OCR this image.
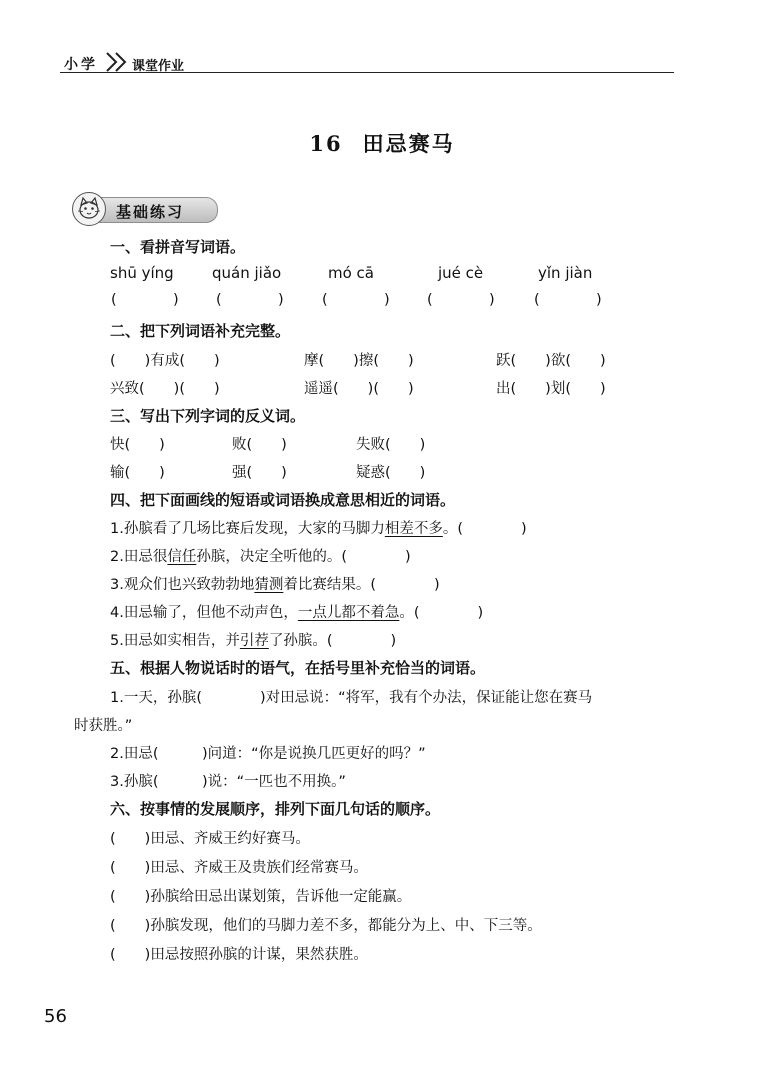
小学	课堂作业
16 田忌赛马
基础练习
一、看拼音写词语。
shū yíng	quán jiǎo	mó cā	jué cè	yǐn jiàn
(	)	(	)	(	)	(	)	(	)
二、把下列词语补充完整。
(　　)有成(　　)	摩(　　)擦(　　)	跃(　　)欲(　　)
兴致(　　)(　　)	遥遥(　　)(　　)	出(　　)划(　　)
三、写出下列字词的反义词。
快(　　)	败(　　)	失败(　　)
输(　　)	强(　　)	疑惑(　　)
四、把下面画线的短语或词语换成意思相近的词语。
1.孙膑看了几场比赛后发现，大家的马脚力相差不多。(　　　　)
2.田忌很信任孙膑，决定全听他的。(　　　　)
3.观众们也兴致勃勃地猜测着比赛结果。(　　　　)
4.田忌输了，但他不动声色，一点儿都不着急。(　　　　)
5.田忌如实相告，并引荐了孙膑。(　　　　)
五、根据人物说话时的语气，在括号里补充恰当的词语。
1.一天，孙膑(　　　　)对田忌说：“将军，我有个办法，保证能让您在赛马
时获胜。”
2.田忌(　　　)问道：“你是说换几匹更好的吗？”
3.孙膑(　　　)说：“一匹也不用换。”
六、按事情的发展顺序，排列下面几句话的顺序。
(　　)田忌、齐威王约好赛马。
(　　)田忌、齐威王及贵族们经常赛马。
(　　)孙膑给田忌出谋划策，告诉他一定能赢。
(　　)孙膑发现，他们的马脚力差不多，都能分为上、中、下三等。
(　　)田忌按照孙膑的计谋，果然获胜。
56
